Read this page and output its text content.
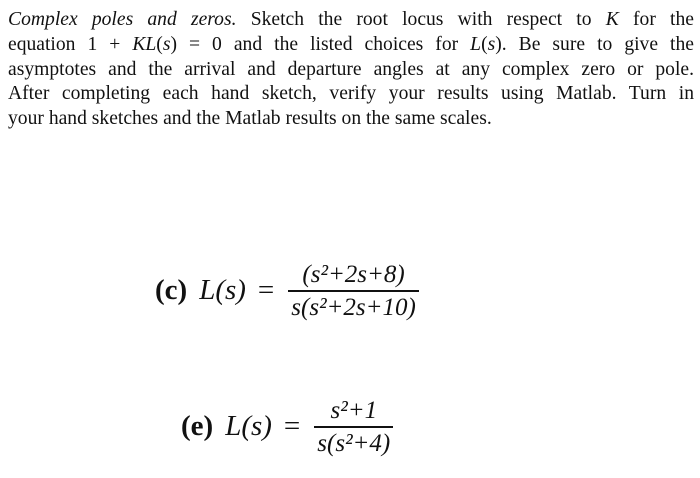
Complex poles and zeros. Sketch the root locus with respect to K for the
equation 1 + KL(s) = 0 and the listed choices for L(s). Be sure to give the
asymptotes and the arrival and departure angles at any complex zero or pole.
After completing each hand sketch, verify your results using Matlab. Turn in
your hand sketches and the Matlab results on the same scales.
(c) $L(s) = \frac{\text{(s²+2s+8)}}{\text{s(s²+2s+10)}}$
(e) $L(s) = \frac{\text{s²+1}}{\text{s(s²+4)}}$
